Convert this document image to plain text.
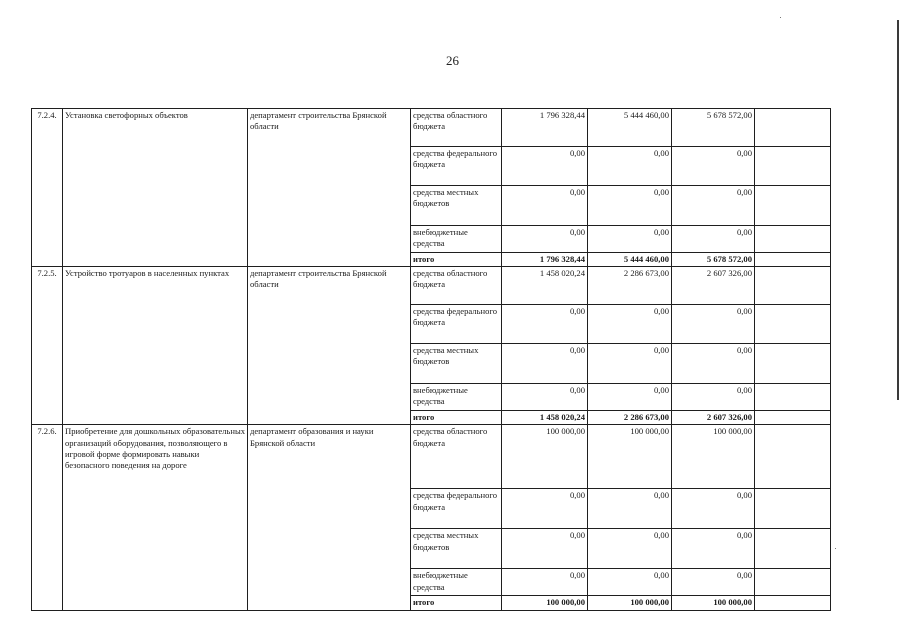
26
7.2.4.	Установка светофорных объектов	департамент строительства Брянской области	средства областного бюджета	1 796 328,44	5 444 460,00	5 678 572,00	
			средства федерального бюджета	0,00	0,00	0,00	
			средства местных бюджетов	0,00	0,00	0,00	
			внебюджетные средства	0,00	0,00	0,00	
			итого	1 796 328,44	5 444 460,00	5 678 572,00	
7.2.5.	Устройство тротуаров в населенных пунктах	департамент строительства Брянской области	средства областного бюджета	1 458 020,24	2 286 673,00	2 607 326,00	
			средства федерального бюджета	0,00	0,00	0,00	
			средства местных бюджетов	0,00	0,00	0,00	
			внебюджетные средства	0,00	0,00	0,00	
			итого	1 458 020,24	2 286 673,00	2 607 326,00	
7.2.6.	Приобретение для дошкольных образовательных организаций оборудования, позволяющего в игровой форме формировать навыки безопасного поведения на дороге	департамент образования и науки Брянской области	средства областного бюджета	100 000,00	100 000,00	100 000,00	
			средства федерального бюджета	0,00	0,00	0,00	
			средства местных бюджетов	0,00	0,00	0,00	
			внебюджетные средства	0,00	0,00	0,00	
			итого	100 000,00	100 000,00	100 000,00	
